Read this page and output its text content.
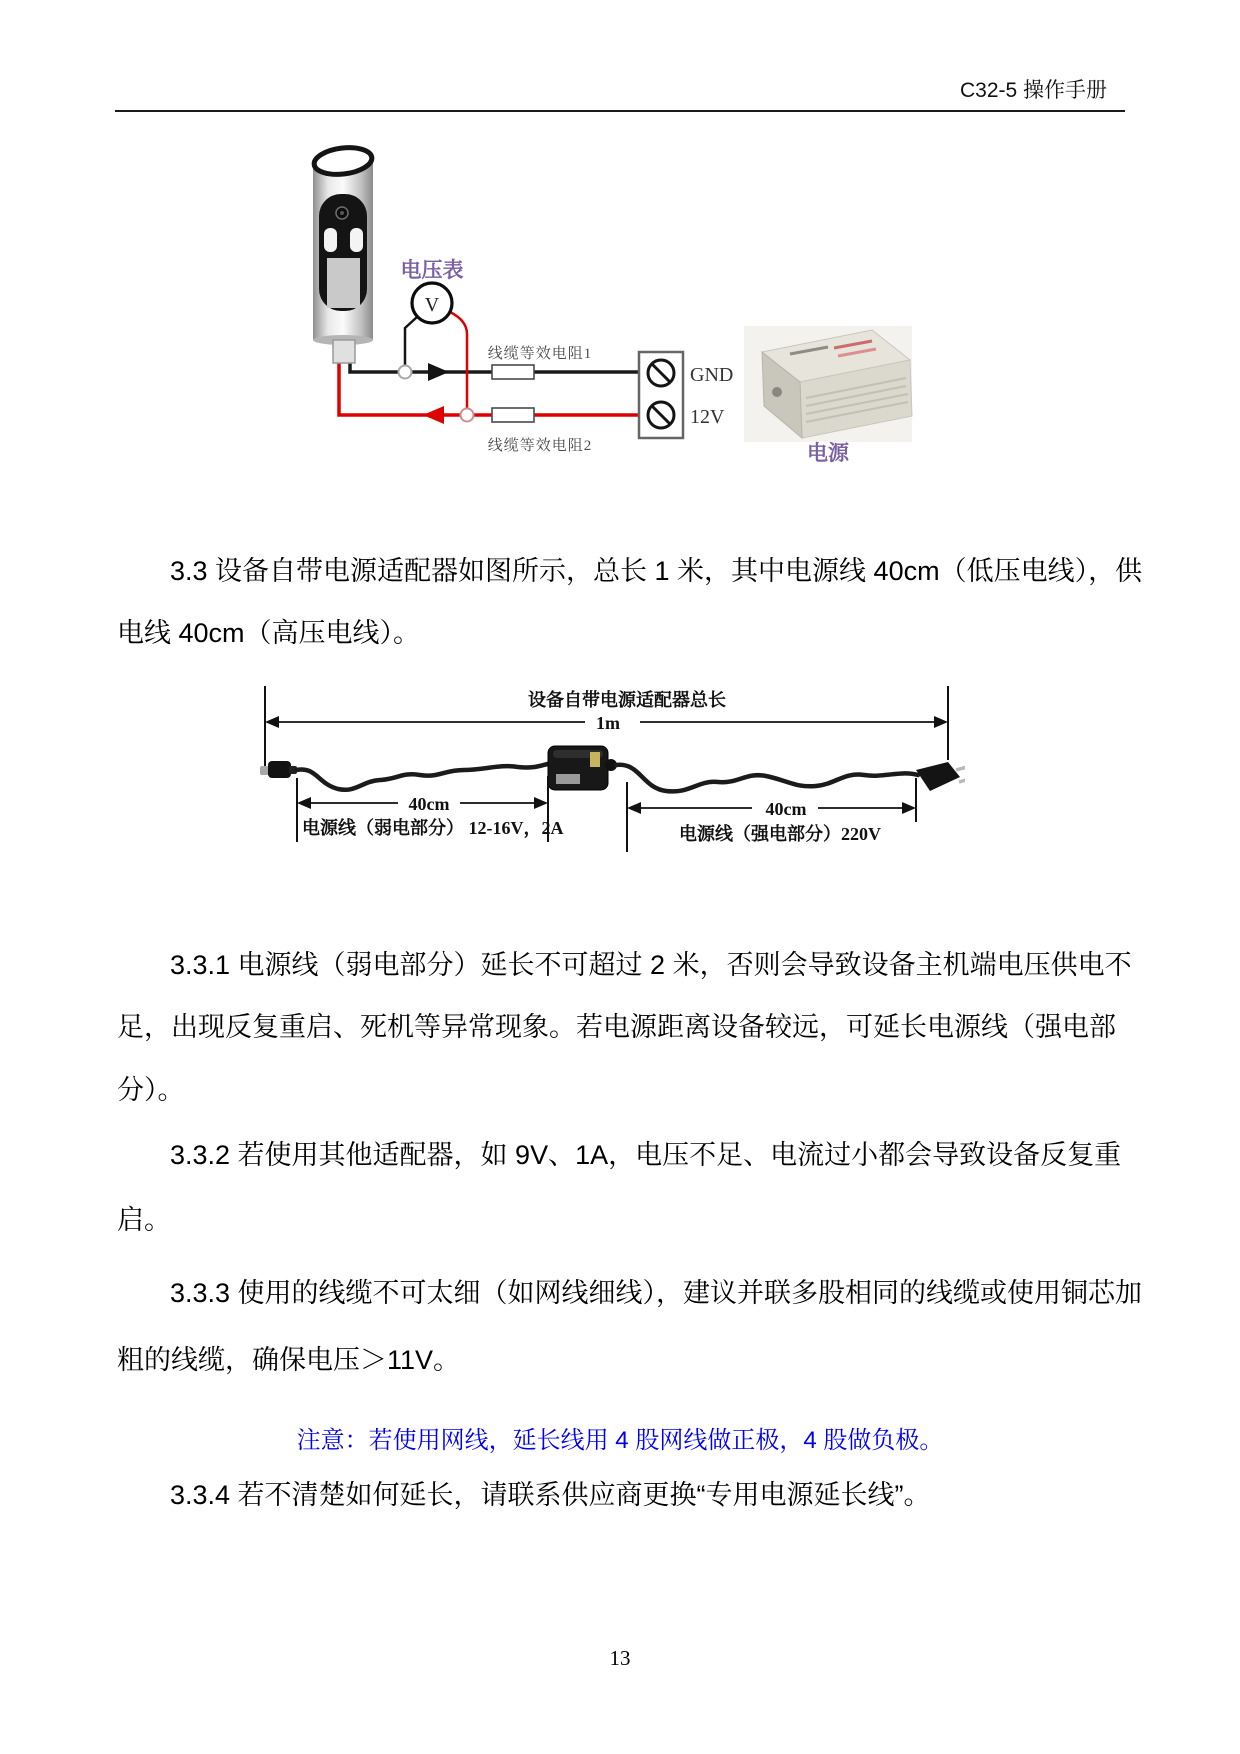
C32-5 操作手册
V
电压表
线缆等效电阻1
线缆等效电阻2
GND
12V
电源
3.3 设备自带电源适配器如图所示，总长 1 米，其中电源线 40cm（低压电线），供
电线 40cm（高压电线）。
设备自带电源适配器总长
1m
40cm
电源线（弱电部分） 12-16V，2A
40cm
电源线（强电部分）220V
3.3.1 电源线（弱电部分）延长不可超过 2 米，否则会导致设备主机端电压供电不
足，出现反复重启、死机等异常现象。若电源距离设备较远，可延长电源线（强电部
分）。
3.3.2 若使用其他适配器，如 9V、1A，电压不足、电流过小都会导致设备反复重
启。
3.3.3 使用的线缆不可太细（如网线细线），建议并联多股相同的线缆或使用铜芯加
粗的线缆，确保电压＞11V。
注意：若使用网线，延长线用 4 股网线做正极，4 股做负极。
3.3.4 若不清楚如何延长，请联系供应商更换“专用电源延长线”。
13
